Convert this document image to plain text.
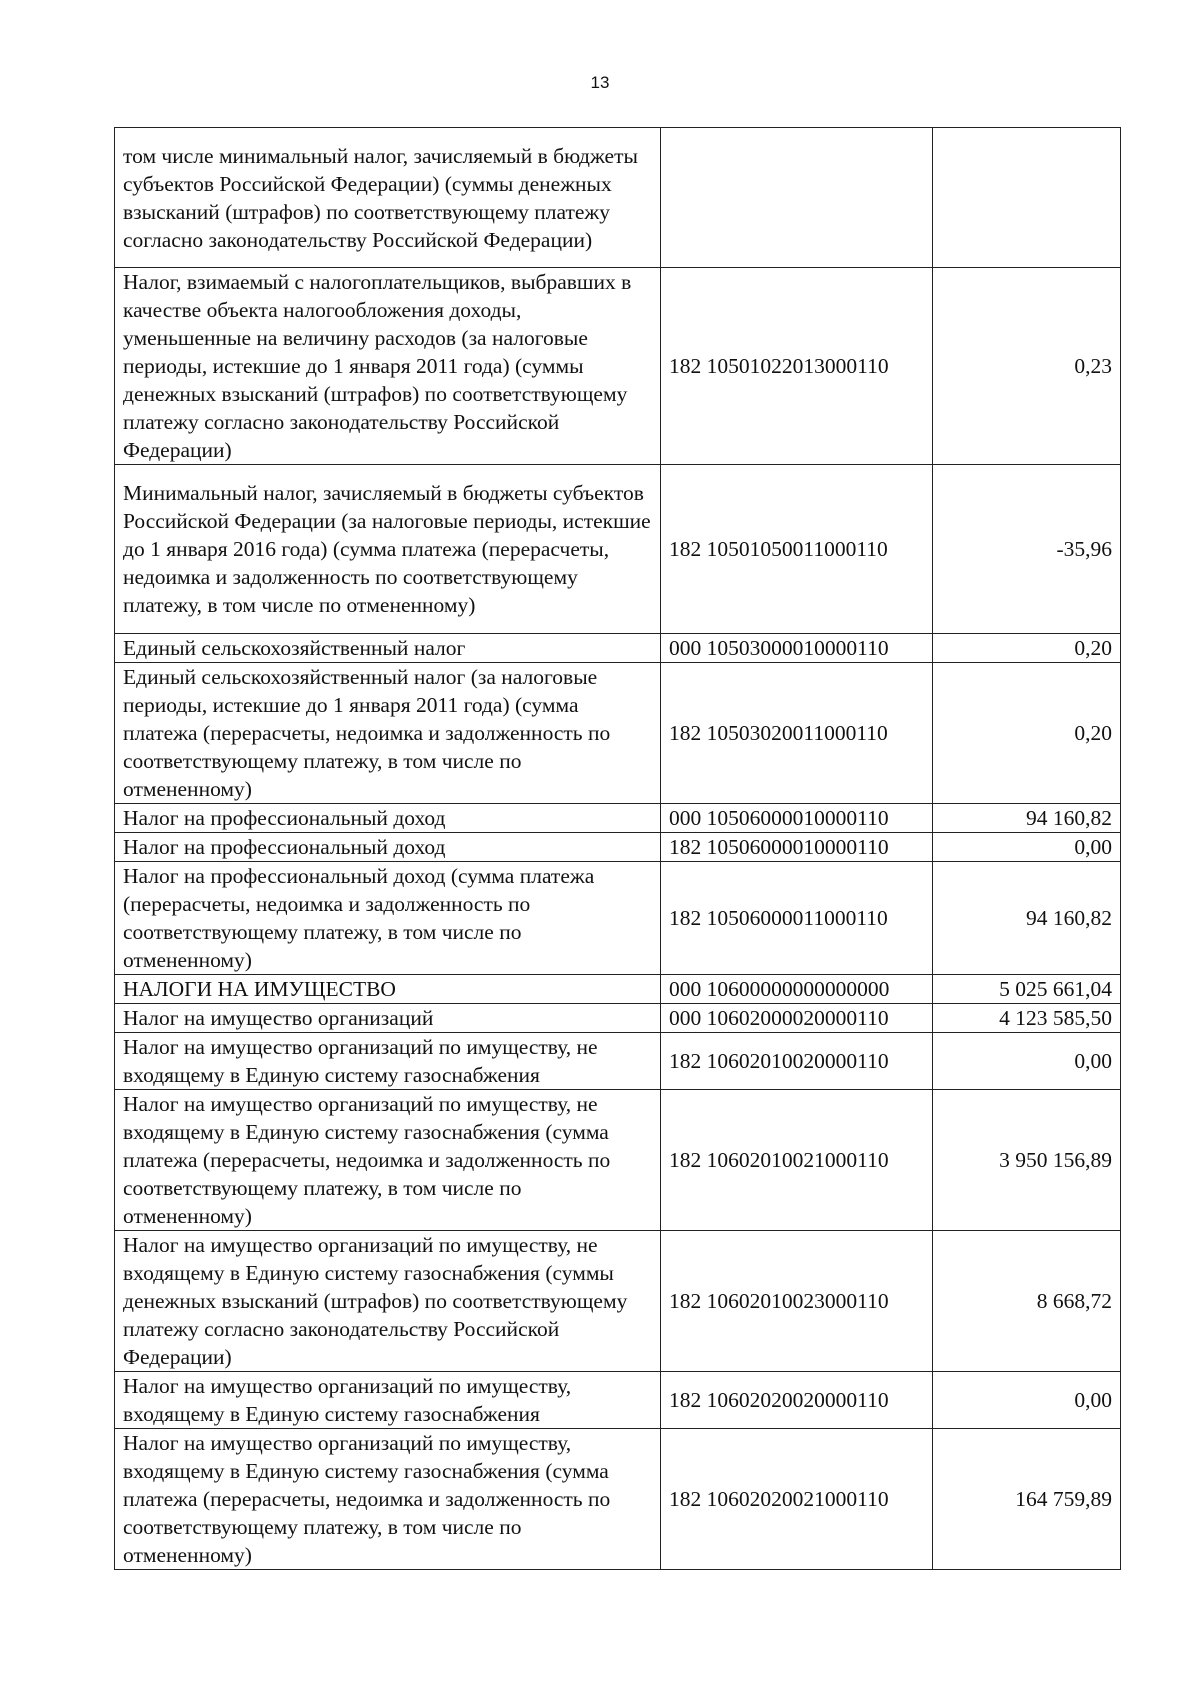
13
том числе минимальный налог, зачисляемый в бюджеты субъектов Российской Федерации) (суммы денежных взысканий (штрафов) по соответствующему платежу согласно законодательству Российской Федерации)		
Налог, взимаемый с налогоплательщиков, выбравших в качестве объекта налогообложения доходы, уменьшенные на величину расходов (за налоговые периоды, истекшие до 1 января 2011 года) (суммы денежных взысканий (штрафов) по соответствующему платежу согласно законодательству Российской Федерации)	182 10501022013000110	0,23
Минимальный налог, зачисляемый в бюджеты субъектов Российской Федерации (за налоговые периоды, истекшие до 1 января 2016 года) (сумма платежа (перерасчеты, недоимка и задолженность по соответствующему платежу, в том числе по отмененному)	182 10501050011000110	-35,96
Единый сельскохозяйственный налог	000 10503000010000110	0,20
Единый сельскохозяйственный налог (за налоговые периоды, истекшие до 1 января 2011 года) (сумма платежа (перерасчеты, недоимка и задолженность по соответствующему платежу, в том числе по отмененному)	182 10503020011000110	0,20
Налог на профессиональный доход	000 10506000010000110	94 160,82
Налог на профессиональный доход	182 10506000010000110	0,00
Налог на профессиональный доход (сумма платежа (перерасчеты, недоимка и задолженность по соответствующему платежу, в том числе по отмененному)	182 10506000011000110	94 160,82
НАЛОГИ НА ИМУЩЕСТВО	000 10600000000000000	5 025 661,04
Налог на имущество организаций	000 10602000020000110	4 123 585,50
Налог на имущество организаций по имуществу, не входящему в Единую систему газоснабжения	182 10602010020000110	0,00
Налог на имущество организаций по имуществу, не входящему в Единую систему газоснабжения (сумма платежа (перерасчеты, недоимка и задолженность по соответствующему платежу, в том числе по отмененному)	182 10602010021000110	3 950 156,89
Налог на имущество организаций по имуществу, не входящему в Единую систему газоснабжения (суммы денежных взысканий (штрафов) по соответствующему платежу согласно законодательству Российской Федерации)	182 10602010023000110	8 668,72
Налог на имущество организаций по имуществу, входящему в Единую систему газоснабжения	182 10602020020000110	0,00
Налог на имущество организаций по имуществу, входящему в Единую систему газоснабжения (сумма платежа (перерасчеты, недоимка и задолженность по соответствующему платежу, в том числе по отмененному)	182 10602020021000110	164 759,89
